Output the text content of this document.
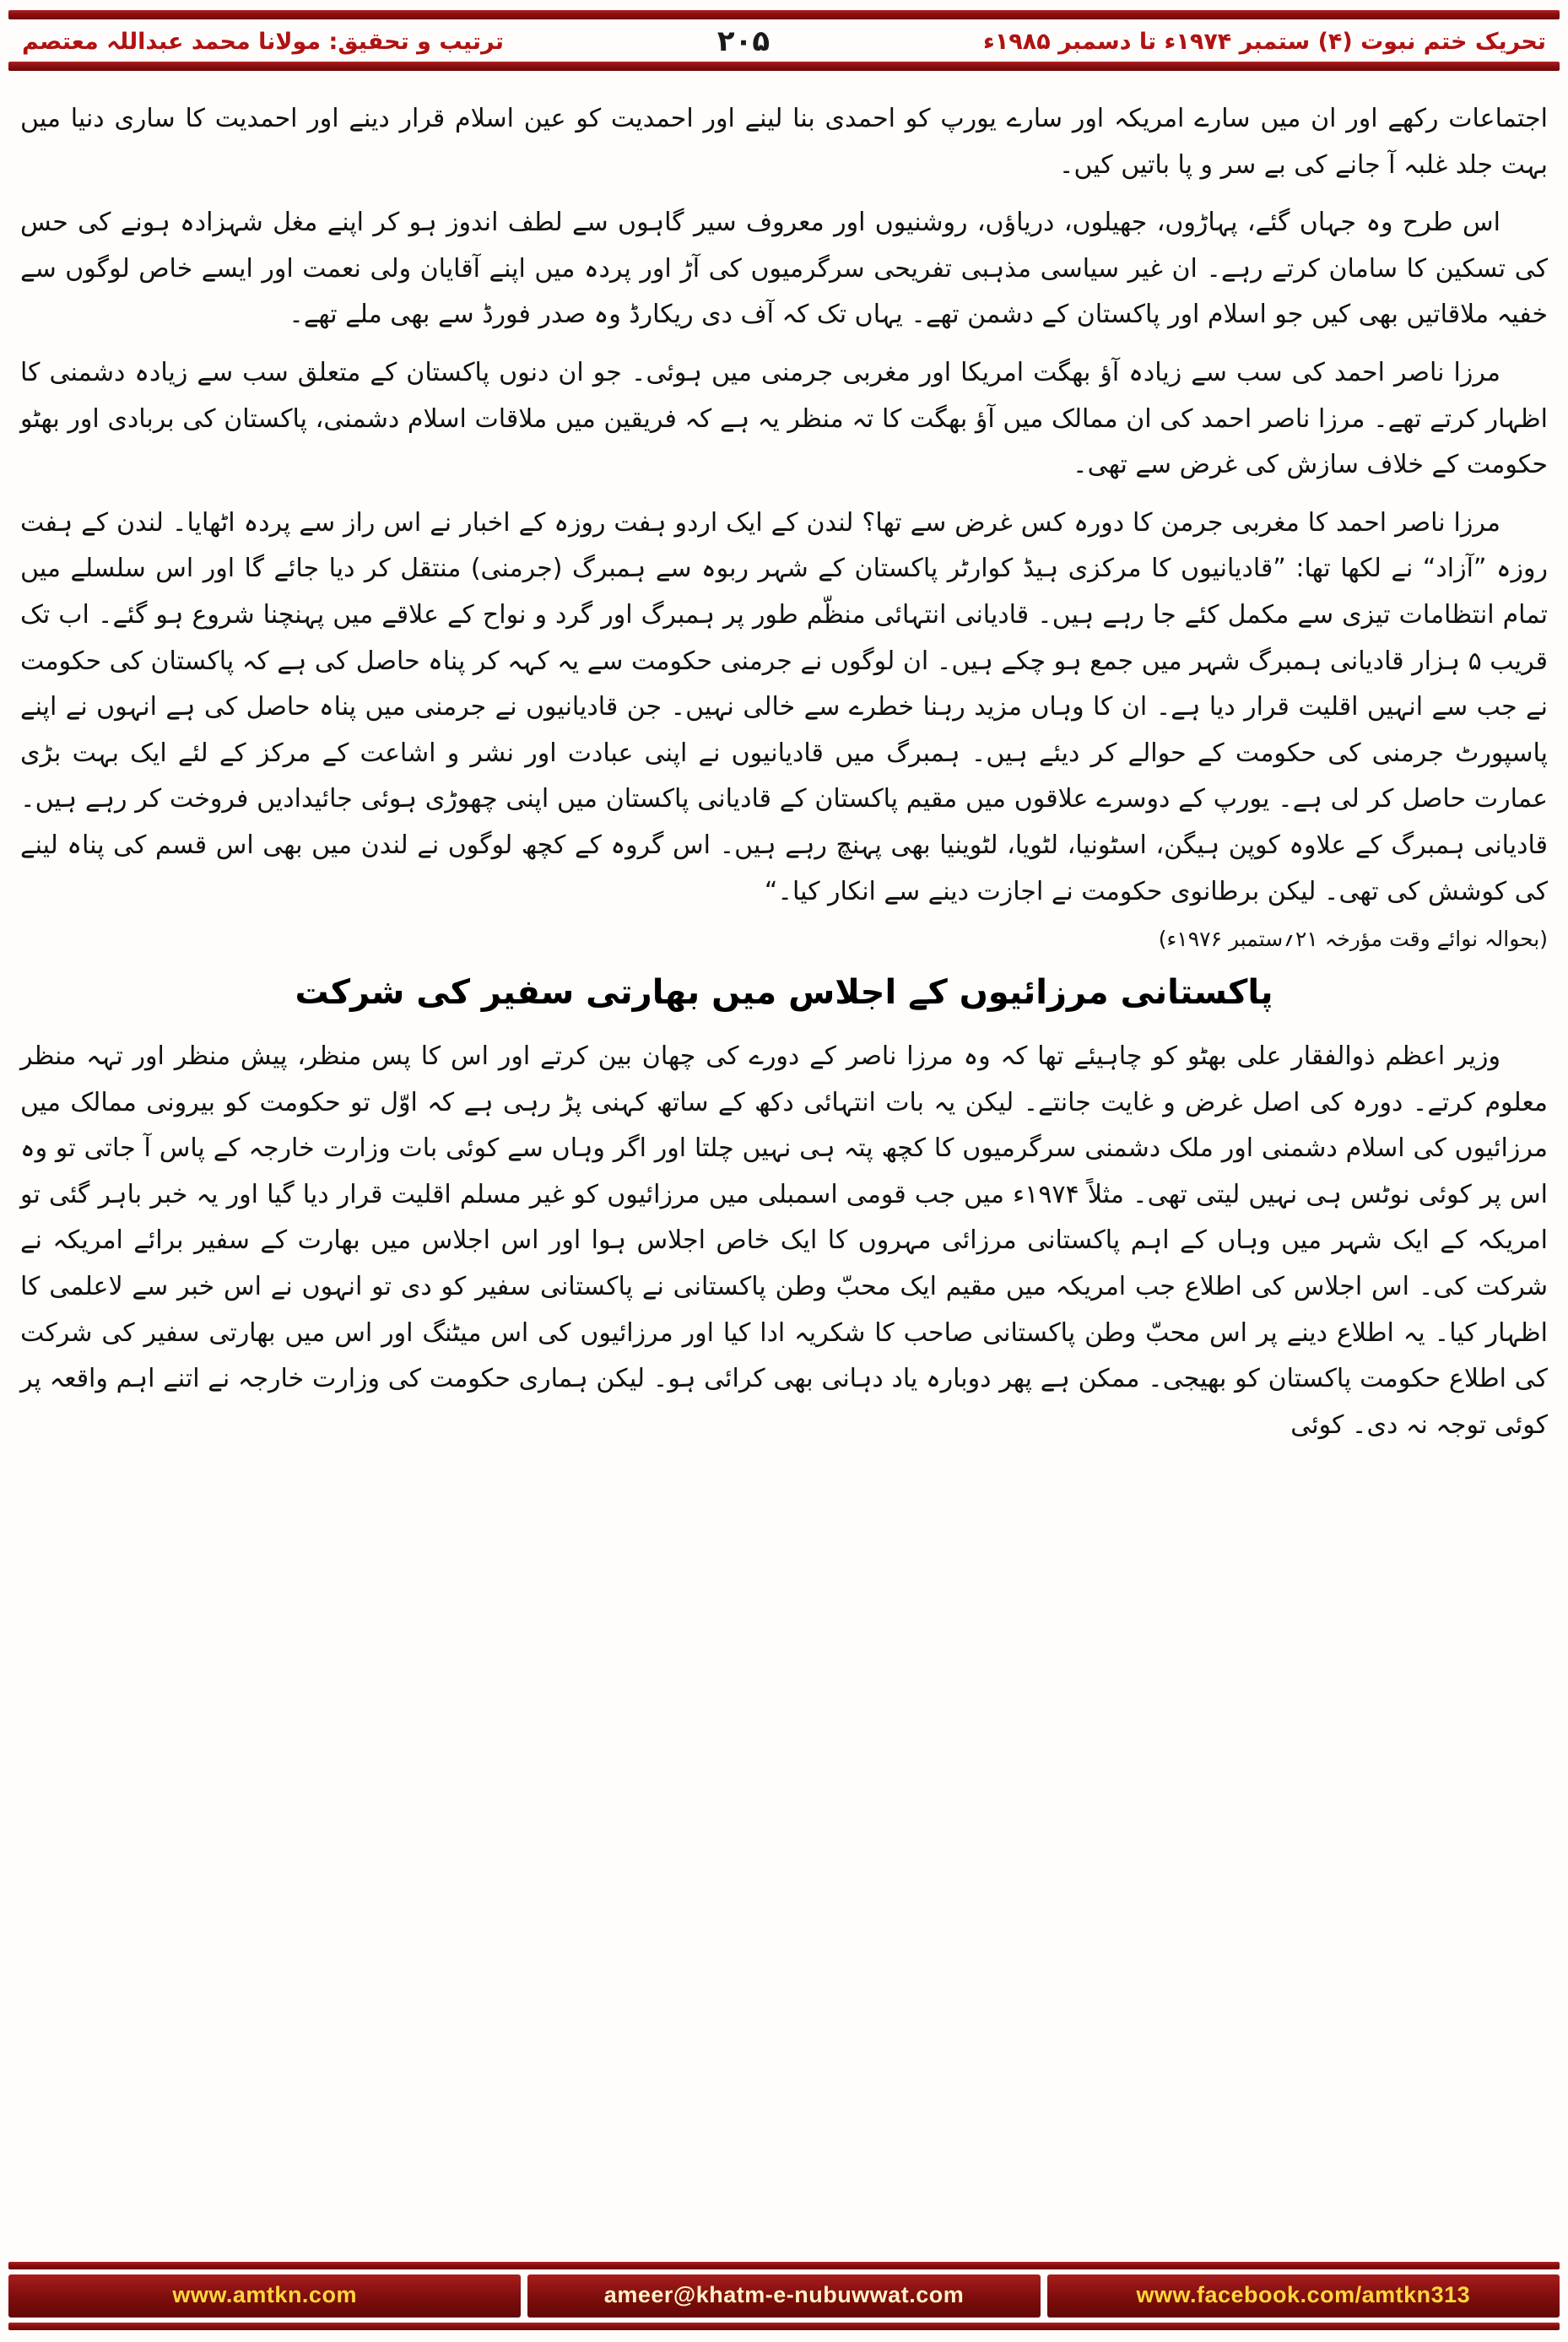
تحریک ختم نبوت (۴) ستمبر ۱۹۷۴ء تا دسمبر ۱۹۸۵ء
۲۰۵
ترتیب و تحقیق: مولانا محمد عبداللہ معتصم

اجتماعات رکھے اور ان میں سارے امریکہ اور سارے یورپ کو احمدی بنا لینے اور احمدیت کو عین اسلام قرار دینے اور احمدیت کا ساری دنیا میں بہت جلد غلبہ آ جانے کی بے سر و پا باتیں کیں۔

اس طرح وہ جہاں گئے، پہاڑوں، جھیلوں، دریاؤں، روشنیوں اور معروف سیر گاہوں سے لطف اندوز ہو کر اپنے مغل شہزادہ ہونے کی حس کی تسکین کا سامان کرتے رہے۔ ان غیر سیاسی مذہبی تفریحی سرگرمیوں کی آڑ اور پردہ میں اپنے آقایان ولی نعمت اور ایسے خاص لوگوں سے خفیہ ملاقاتیں بھی کیں جو اسلام اور پاکستان کے دشمن تھے۔ یہاں تک کہ آف دی ریکارڈ وہ صدر فورڈ سے بھی ملے تھے۔

مرزا ناصر احمد کی سب سے زیادہ آؤ بھگت امریکا اور مغربی جرمنی میں ہوئی۔ جو ان دنوں پاکستان کے متعلق سب سے زیادہ دشمنی کا اظہار کرتے تھے۔ مرزا ناصر احمد کی ان ممالک میں آؤ بھگت کا تہ منظر یہ ہے کہ فریقین میں ملاقات اسلام دشمنی، پاکستان کی بربادی اور بھٹو حکومت کے خلاف سازش کی غرض سے تھی۔

مرزا ناصر احمد کا مغربی جرمن کا دورہ کس غرض سے تھا؟ لندن کے ایک اردو ہفت روزہ کے اخبار نے اس راز سے پردہ اٹھایا۔ لندن کے ہفت روزہ ”آزاد“ نے لکھا تھا: ”قادیانیوں کا مرکزی ہیڈ کوارٹر پاکستان کے شہر ربوہ سے ہمبرگ (جرمنی) منتقل کر دیا جائے گا اور اس سلسلے میں تمام انتظامات تیزی سے مکمل کئے جا رہے ہیں۔ قادیانی انتہائی منظّم طور پر ہمبرگ اور گرد و نواح کے علاقے میں پہنچنا شروع ہو گئے۔ اب تک قریب ۵ ہزار قادیانی ہمبرگ شہر میں جمع ہو چکے ہیں۔ ان لوگوں نے جرمنی حکومت سے یہ کہہ کر پناہ حاصل کی ہے کہ پاکستان کی حکومت نے جب سے انہیں اقلیت قرار دیا ہے۔ ان کا وہاں مزید رہنا خطرے سے خالی نہیں۔ جن قادیانیوں نے جرمنی میں پناہ حاصل کی ہے انہوں نے اپنے پاسپورٹ جرمنی کی حکومت کے حوالے کر دیئے ہیں۔ ہمبرگ میں قادیانیوں نے اپنی عبادت اور نشر و اشاعت کے مرکز کے لئے ایک بہت بڑی عمارت حاصل کر لی ہے۔ یورپ کے دوسرے علاقوں میں مقیم پاکستان کے قادیانی پاکستان میں اپنی چھوڑی ہوئی جائیدادیں فروخت کر رہے ہیں۔ قادیانی ہمبرگ کے علاوہ کوپن ہیگن، اسٹونیا، لٹویا، لٹوینیا بھی پہنچ رہے ہیں۔ اس گروہ کے کچھ لوگوں نے لندن میں بھی اس قسم کی پناہ لینے کی کوشش کی تھی۔ لیکن برطانوی حکومت نے اجازت دینے سے انکار کیا۔“

(بحوالہ نوائے وقت مؤرخہ ۲۱؍ستمبر ۱۹۷۶ء)

پاکستانی مرزائیوں کے اجلاس میں بھارتی سفیر کی شرکت

وزیر اعظم ذوالفقار علی بھٹو کو چاہیئے تھا کہ وہ مرزا ناصر کے دورے کی چھان بین کرتے اور اس کا پس منظر، پیش منظر اور تہہ منظر معلوم کرتے۔ دورہ کی اصل غرض و غایت جانتے۔ لیکن یہ بات انتہائی دکھ کے ساتھ کہنی پڑ رہی ہے کہ اوّل تو حکومت کو بیرونی ممالک میں مرزائیوں کی اسلام دشمنی اور ملک دشمنی سرگرمیوں کا کچھ پتہ ہی نہیں چلتا اور اگر وہاں سے کوئی بات وزارت خارجہ کے پاس آ جاتی تو وہ اس پر کوئی نوٹس ہی نہیں لیتی تھی۔ مثلاً ۱۹۷۴ء میں جب قومی اسمبلی میں مرزائیوں کو غیر مسلم اقلیت قرار دیا گیا اور یہ خبر باہر گئی تو امریکہ کے ایک شہر میں وہاں کے اہم پاکستانی مرزائی مہروں کا ایک خاص اجلاس ہوا اور اس اجلاس میں بھارت کے سفیر برائے امریکہ نے شرکت کی۔ اس اجلاس کی اطلاع جب امریکہ میں مقیم ایک محبّ وطن پاکستانی نے پاکستانی سفیر کو دی تو انہوں نے اس خبر سے لاعلمی کا اظہار کیا۔ یہ اطلاع دینے پر اس محبّ وطن پاکستانی صاحب کا شکریہ ادا کیا اور مرزائیوں کی اس میٹنگ اور اس میں بھارتی سفیر کی شرکت کی اطلاع حکومت پاکستان کو بھیجی۔ ممکن ہے پھر دوبارہ یاد دہانی بھی کرائی ہو۔ لیکن ہماری حکومت کی وزارت خارجہ نے اتنے اہم واقعہ پر کوئی توجہ نہ دی۔ کوئی

www.facebook.com/amtkn313
ameer@khatm-e-nubuwwat.com
www.amtkn.com
